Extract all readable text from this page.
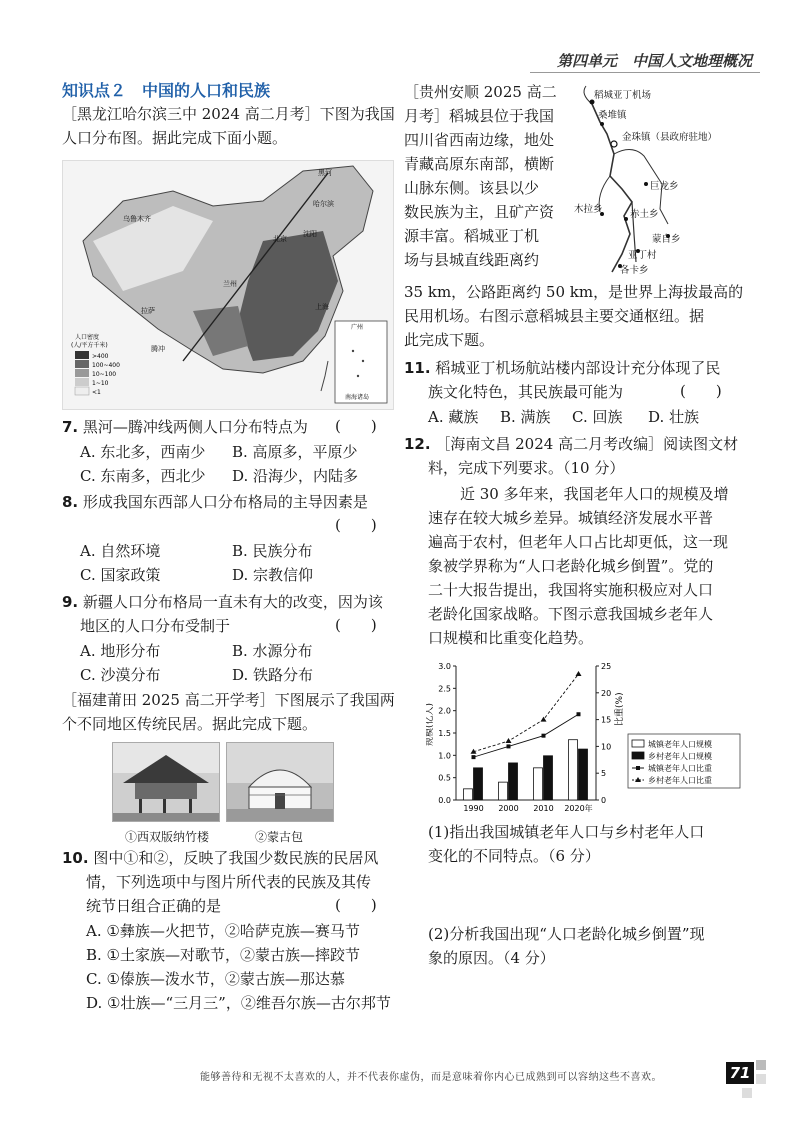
第四单元　中国人文地理概况
知识点２　中国的人口和民族
［黑龙江哈尔滨三中 2024 高二月考］下图为我国
人口分布图。据此完成下面小题。
黑河
乌鲁木齐
哈尔滨
沈阳
北京
兰州
上海
拉萨
腾冲
人口密度
(人/平方千米)
>400
100~400
10~100
1~10
<1
广州
南海诸岛
7. 黑河—腾冲线两侧人口分布特点为 (　　)
A. 东北多，西南少 B. 高原多，平原少
C. 东南多，西北少 D. 沿海少，内陆多
8. 形成我国东西部人口分布格局的主导因素是
(　　)
A. 自然环境	B. 民族分布
C. 国家政策	D. 宗教信仰
9. 新疆人口分布格局一直未有大的改变，因为该
地区的人口分布受制于	(　　)
A. 地形分布	B. 水源分布
C. 沙漠分布	D. 铁路分布
［福建莆田 2025 高二开学考］下图展示了我国两
个不同地区传统民居。据此完成下题。
①西双版纳竹楼	②蒙古包
10. 图中①和②，反映了我国少数民族的民居风
情，下列选项中与图片所代表的民族及其传
统节日组合正确的是	(　　)
A. ①彝族—火把节，②哈萨克族—赛马节
B. ①土家族—对歌节，②蒙古族—摔跤节
C. ①傣族—泼水节，②蒙古族—那达慕
D. ①壮族—“三月三”，②维吾尔族—古尔邦节
［贵州安顺 2025 高二
月考］稻城县位于我国
四川省西南边缘，地处
青藏高原东南部，横断
山脉东侧。该县以少
数民族为主，且矿产资
源丰富。稻城亚丁机
场与县城直线距离约
稻城亚丁机场
桑堆镇
金珠镇（县政府驻地）
巨龙乡
木拉乡	赤土乡
蒙自乡
亚丁村
各卡乡
35 km，公路距离约 50 km，是世界上海拔最高的
民用机场。右图示意稻城县主要交通枢纽。据
此完成下题。
11. 稻城亚丁机场航站楼内部设计充分体现了民
族文化特色，其民族最可能为	(　　)
A. 藏族 B. 满族 C. 回族 D. 壮族
12. ［海南文昌 2024 高二月考改编］阅读图文材
料，完成下列要求。（10 分）
近 30 多年来，我国老年人口的规模及增
速存在较大城乡差异。城镇经济发展水平普
遍高于农村，但老年人口占比却更低，这一现
象被学界称为“人口老龄化城乡倒置”。党的
二十大报告提出，我国将实施积极应对人口
老龄化国家战略。下图示意我国城乡老年人
口规模和比重变化趋势。
0.0
0.5
1.0
1.5
2.0
2.5
3.0
0
5
10
15
20
25
1990 2000 2010 2020年
规模(亿人)	比重(%)
城镇老年人口规模
乡村老年人口规模
城镇老年人口比重
乡村老年人口比重
(1)指出我国城镇老年人口与乡村老年人口
变化的不同特点。（6 分）
(2)分析我国出现“人口老龄化城乡倒置”现
象的原因。（4 分）
能够善待和无视不太喜欢的人，并不代表你虚伪，而是意味着你内心已成熟到可以容纳这些不喜欢。	71
